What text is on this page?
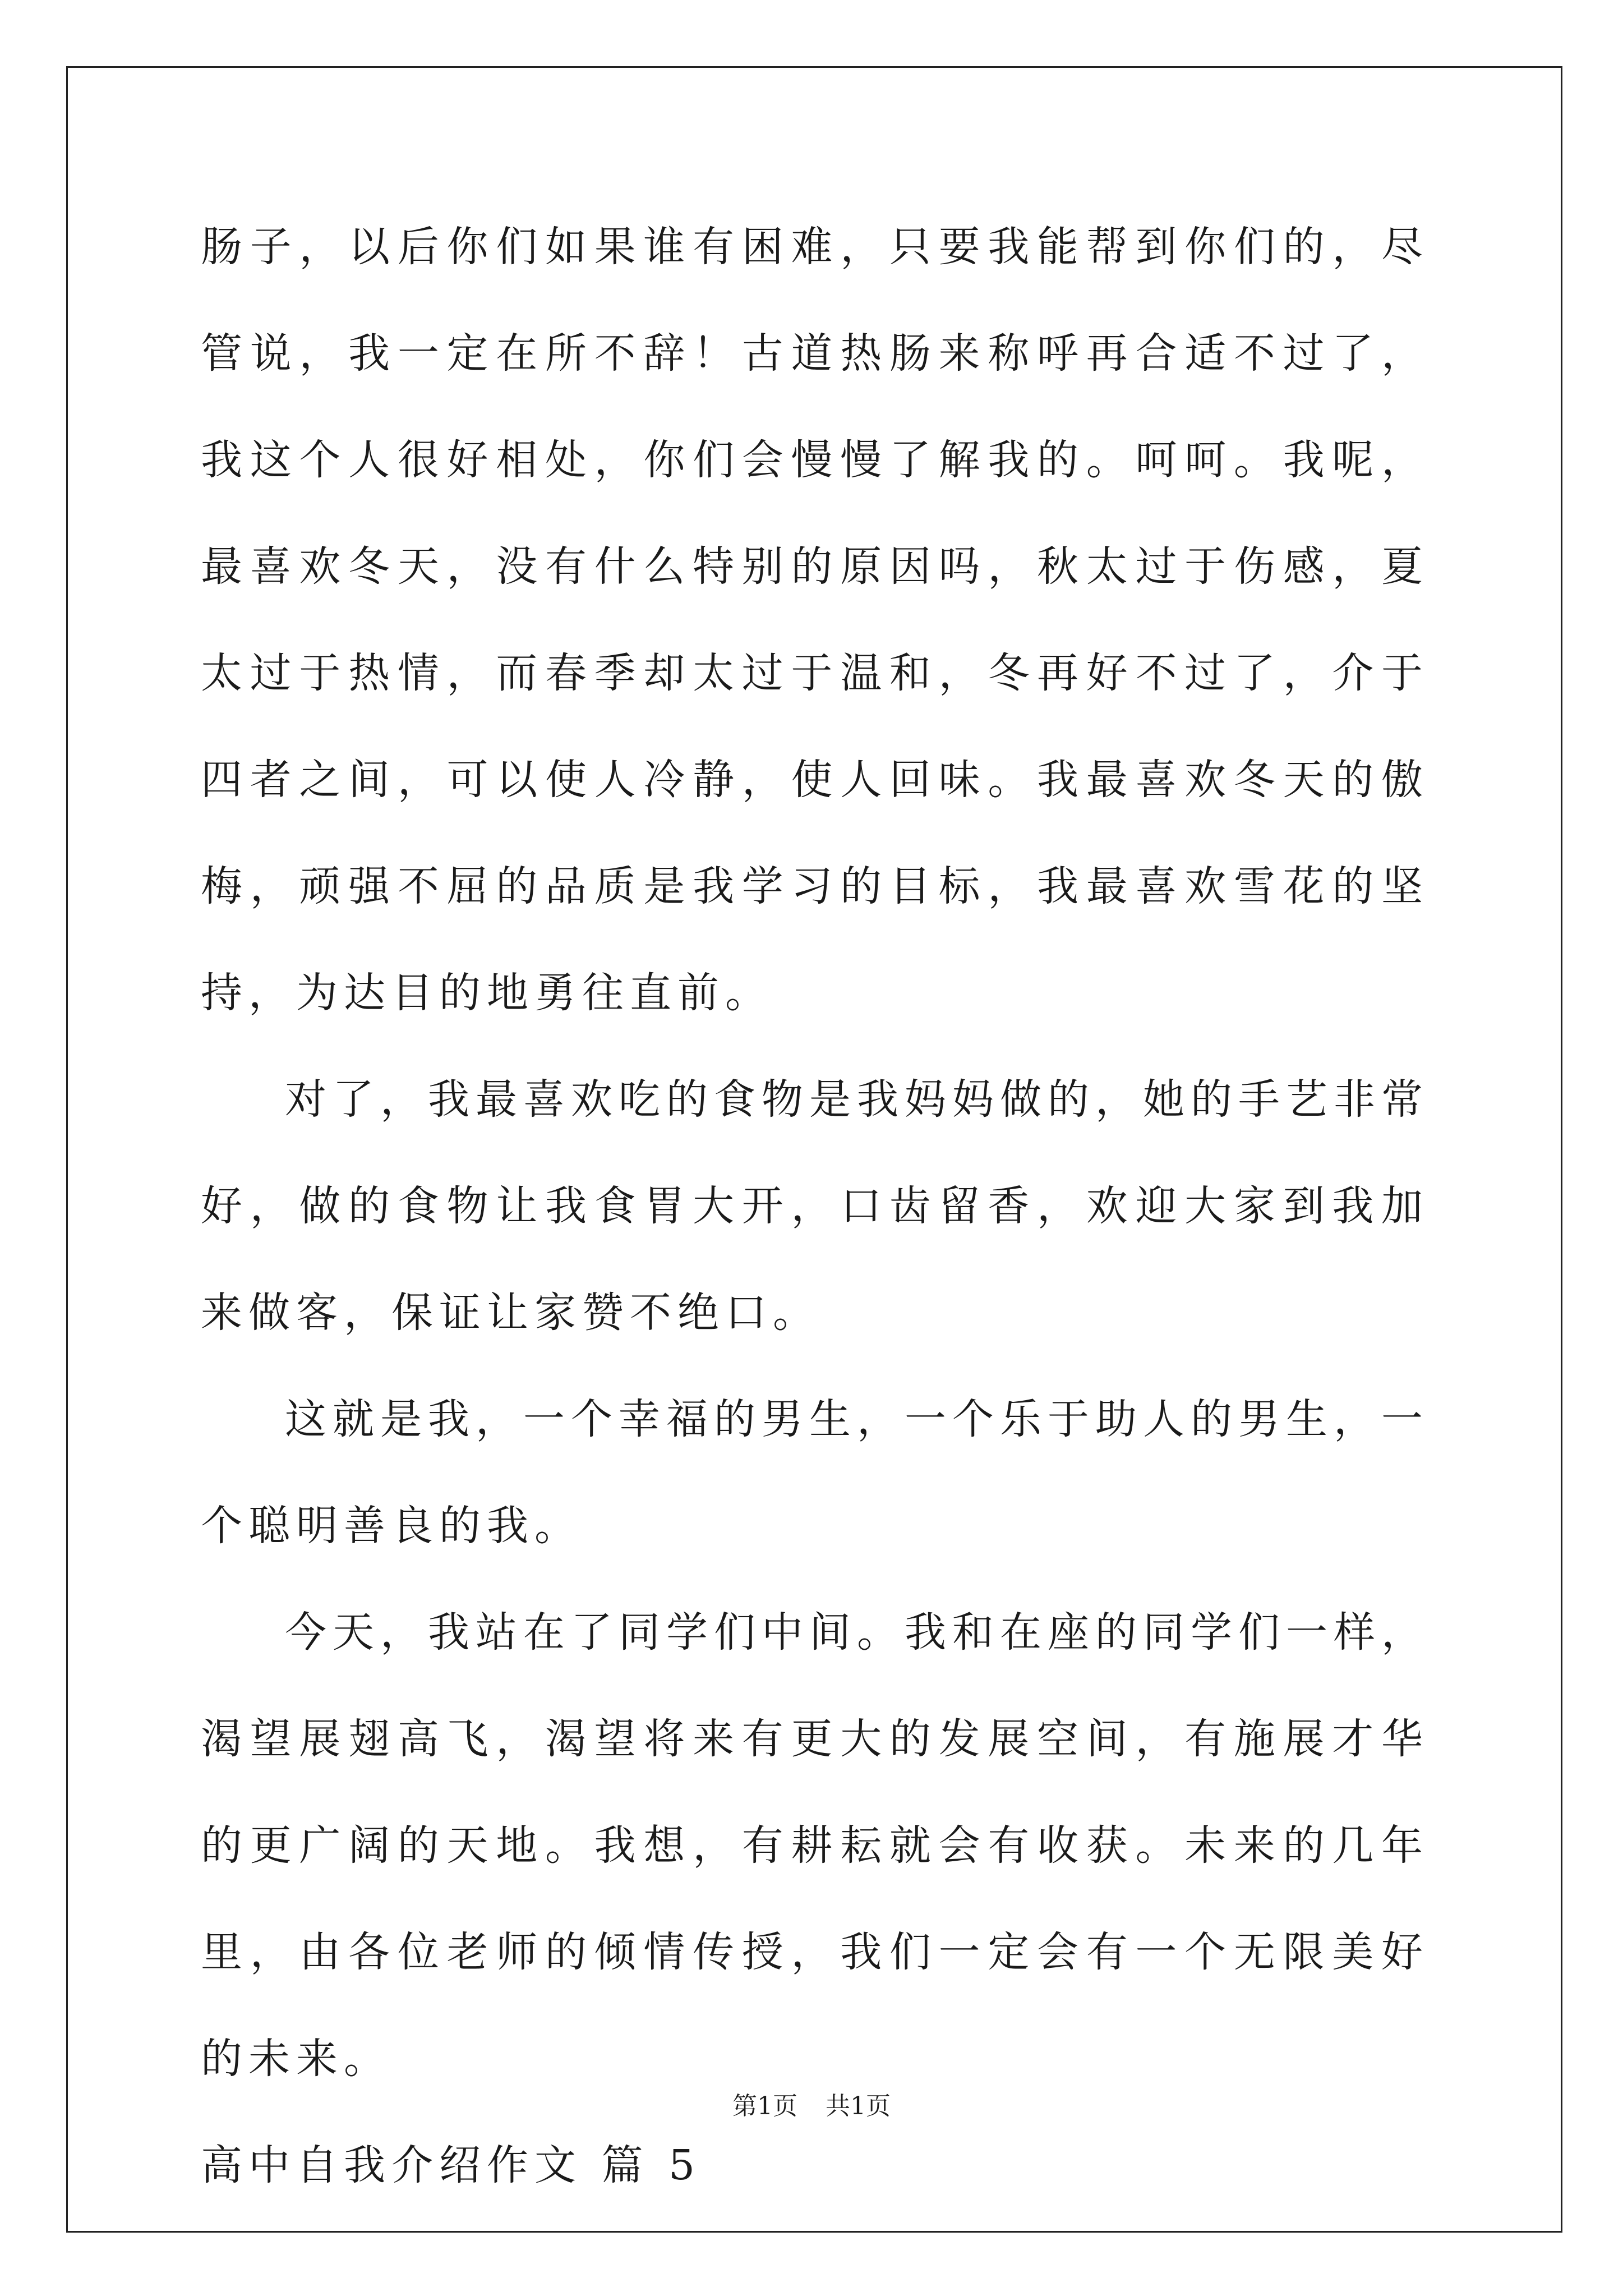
肠子，以后你们如果谁有困难，只要我能帮到你们的，尽管说，我一定在所不辞！古道热肠来称呼再合适不过了，我这个人很好相处，你们会慢慢了解我的。呵呵。我呢，最喜欢冬天，没有什么特别的原因吗，秋太过于伤感，夏太过于热情，而春季却太过于温和，冬再好不过了，介于四者之间，可以使人冷静，使人回味。我最喜欢冬天的傲梅，顽强不屈的品质是我学习的目标，我最喜欢雪花的坚持，为达目的地勇往直前。

对了，我最喜欢吃的食物是我妈妈做的，她的手艺非常好，做的食物让我食胃大开，口齿留香，欢迎大家到我加来做客，保证让家赞不绝口。

这就是我，一个幸福的男生，一个乐于助人的男生，一个聪明善良的我。

今天，我站在了同学们中间。我和在座的同学们一样，渴望展翅高飞，渴望将来有更大的发展空间，有施展才华的更广阔的天地。我想，有耕耘就会有收获。未来的几年里，由各位老师的倾情传授，我们一定会有一个无限美好的未来。

高中自我介绍作文 篇 5

第1页 共1页
